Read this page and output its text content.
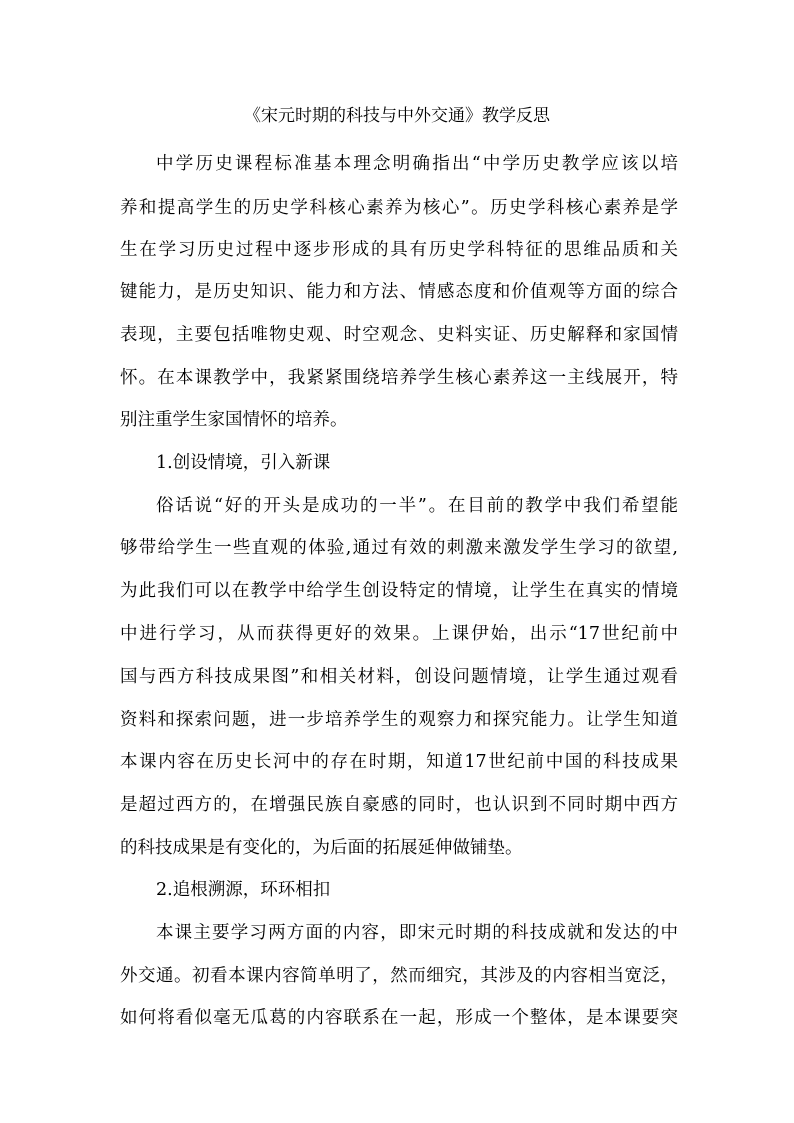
《宋元时期的科技与中外交通》教学反思

中学历史课程标准基本理念明确指出“中学历史教学应该以培

养和提高学生的历史学科核心素养为核心”。历史学科核心素养是学

生在学习历史过程中逐步形成的具有历史学科特征的思维品质和关

键能力，是历史知识、能力和方法、情感态度和价值观等方面的综合

表现，主要包括唯物史观、时空观念、史料实证、历史解释和家国情

怀。在本课教学中，我紧紧围绕培养学生核心素养这一主线展开，特

别注重学生家国情怀的培养。

1.创设情境，引入新课

俗话说“好的开头是成功的一半”。在目前的教学中我们希望能

够带给学生一些直观的体验,通过有效的刺激来激发学生学习的欲望,

为此我们可以在教学中给学生创设特定的情境，让学生在真实的情境

中进行学习，从而获得更好的效果。上课伊始，出示“17世纪前中

国与西方科技成果图”和相关材料，创设问题情境，让学生通过观看

资料和探索问题，进一步培养学生的观察力和探究能力。让学生知道

本课内容在历史长河中的存在时期，知道17世纪前中国的科技成果

是超过西方的，在增强民族自豪感的同时，也认识到不同时期中西方

的科技成果是有变化的，为后面的拓展延伸做铺垫。

2.追根溯源，环环相扣

本课主要学习两方面的内容，即宋元时期的科技成就和发达的中

外交通。初看本课内容简单明了，然而细究，其涉及的内容相当宽泛，

如何将看似毫无瓜葛的内容联系在一起，形成一个整体，是本课要突
